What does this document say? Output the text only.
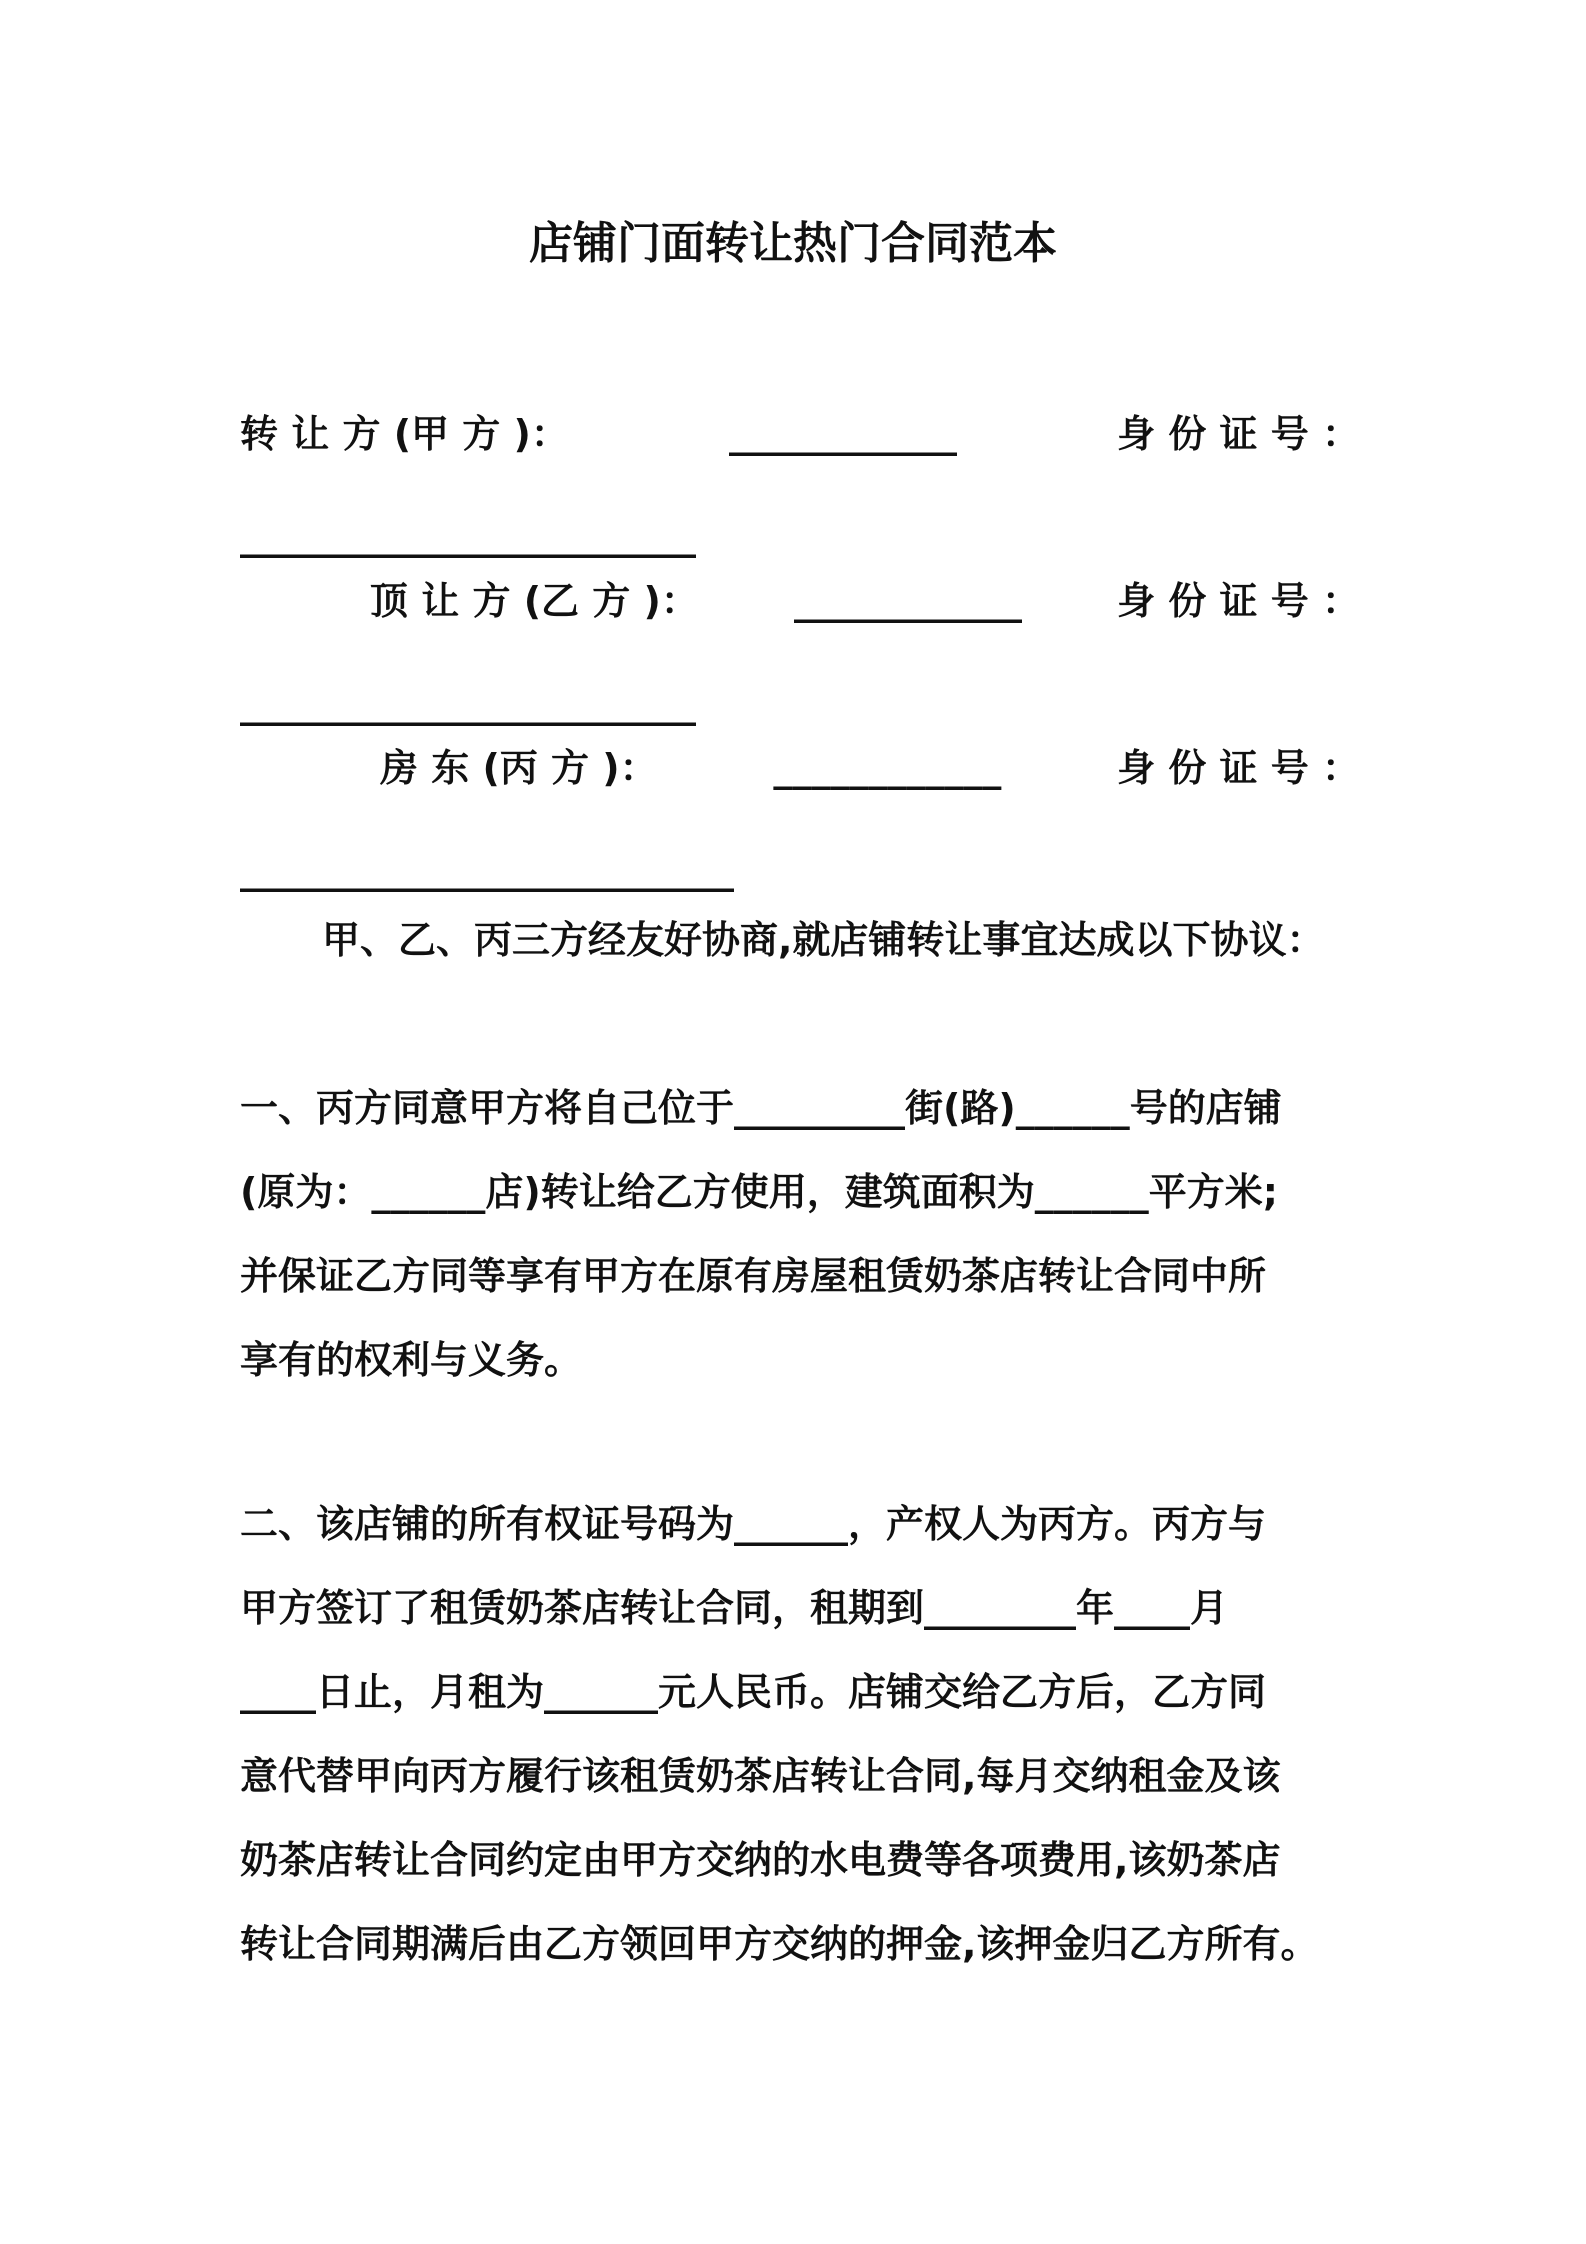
店铺门面转让热门合同范本
转 让 方 (甲 方 )：	____________	身 份 证 号 ：
________________________
顶 让 方 (乙 方 )：	____________	身 份 证 号 ：
________________________
房 东 (丙 方 )：	____________	身 份 证 号 ：
__________________________
甲、乙、丙三方经友好协商,就店铺转让事宜达成以下协议：
一、丙方同意甲方将自己位于_________街(路)______号的店铺
(原为：______店)转让给乙方使用，建筑面积为______平方米;
并保证乙方同等享有甲方在原有房屋租赁奶茶店转让合同中所
享有的权利与义务。
二、该店铺的所有权证号码为______，产权人为丙方。丙方与
甲方签订了租赁奶茶店转让合同，租期到________年____月
____日止，月租为______元人民币。店铺交给乙方后，乙方同
意代替甲向丙方履行该租赁奶茶店转让合同,每月交纳租金及该
奶茶店转让合同约定由甲方交纳的水电费等各项费用,该奶茶店
转让合同期满后由乙方领回甲方交纳的押金,该押金归乙方所有。
